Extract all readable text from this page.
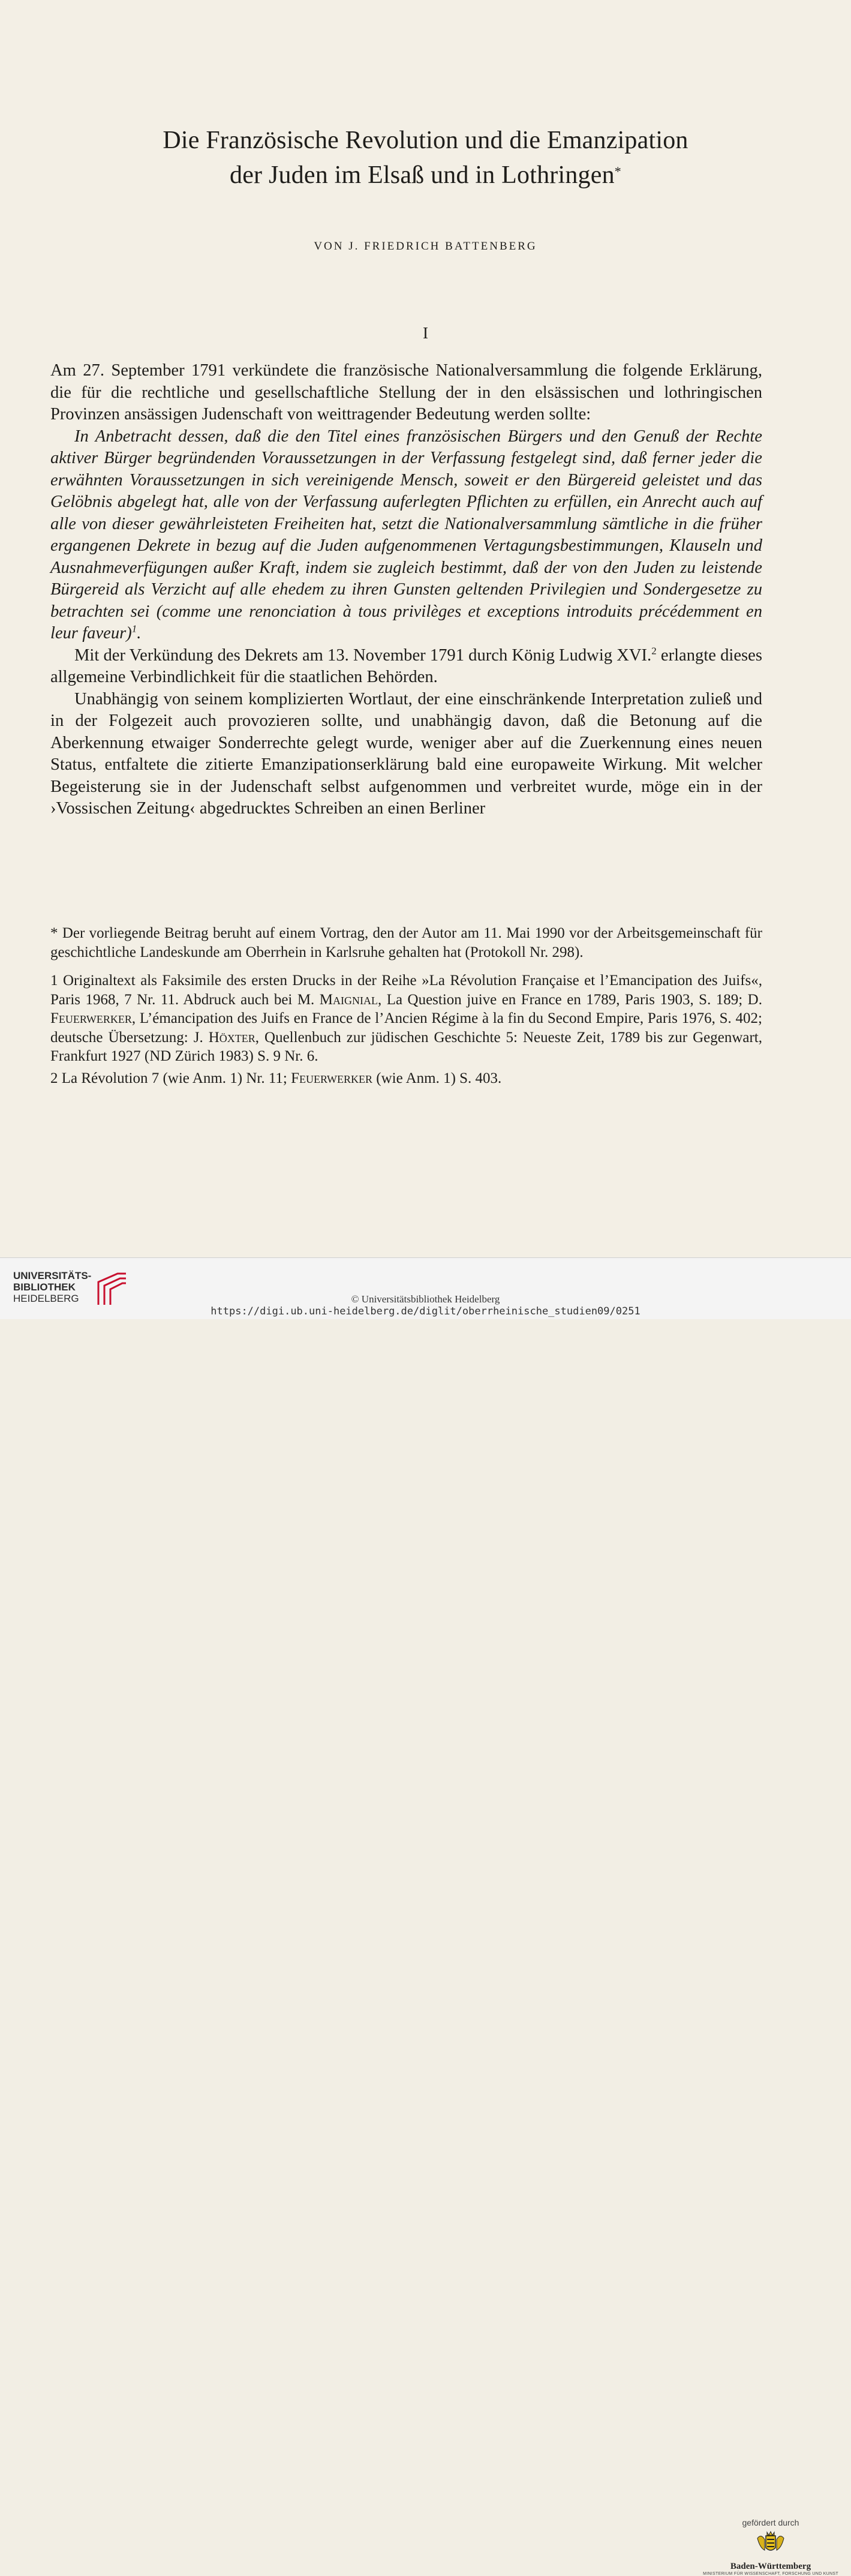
Die Französische Revolution und die Emanzipation
der Juden im Elsaß und in Lothringen*
VON J. FRIEDRICH BATTENBERG
I

Am 27. September 1791 verkündete die französische Nationalversammlung die folgende Erklärung, die für die rechtliche und gesellschaftliche Stellung der in den elsässischen und lothringischen Provinzen ansässigen Judenschaft von weittragender Bedeutung werden sollte:

In Anbetracht dessen, daß die den Titel eines französischen Bürgers und den Genuß der Rechte aktiver Bürger begründenden Voraussetzungen in der Verfassung festgelegt sind, daß ferner jeder die erwähnten Voraussetzungen in sich vereinigende Mensch, soweit er den Bürgereid geleistet und das Gelöbnis abgelegt hat, alle von der Verfassung auferlegten Pflichten zu erfüllen, ein Anrecht auch auf alle von dieser gewährleisteten Freiheiten hat, setzt die Nationalversammlung sämtliche in die früher ergangenen Dekrete in bezug auf die Juden aufgenommenen Vertagungsbestimmungen, Klauseln und Ausnahmeverfügungen außer Kraft, indem sie zugleich bestimmt, daß der von den Juden zu leistende Bürgereid als Verzicht auf alle ehedem zu ihren Gunsten geltenden Privilegien und Sondergesetze zu betrachten sei (comme une renonciation à tous privilèges et exceptions introduits précédemment en leur faveur)$^1$.

Mit der Verkündung des Dekrets am 13. November 1791 durch König Ludwig XVI.$^2$ erlangte dieses allgemeine Verbindlichkeit für die staatlichen Behörden.

Unabhängig von seinem komplizierten Wortlaut, der eine einschränkende Interpretation zuließ und in der Folgezeit auch provozieren sollte, und unabhängig davon, daß die Betonung auf die Aberkennung etwaiger Sonderrechte gelegt wurde, weniger aber auf die Zuerkennung eines neuen Status, entfaltete die zitierte Emanzipationserklärung bald eine europaweite Wirkung. Mit welcher Begeisterung sie in der Judenschaft selbst aufgenommen und verbreitet wurde, möge ein in der ›Vossischen Zeitung‹ abgedrucktes Schreiben an einen Berliner

* Der vorliegende Beitrag beruht auf einem Vortrag, den der Autor am 11. Mai 1990 vor der Arbeitsgemeinschaft für geschichtliche Landeskunde am Oberrhein in Karlsruhe gehalten hat (Protokoll Nr. 298).

1 Originaltext als Faksimile des ersten Drucks in der Reihe »La Révolution Française et l’Emancipation des Juifs«, Paris 1968, 7 Nr. 11. Abdruck auch bei M. Maignial, La Question juive en France en 1789, Paris 1903, S. 189; D. Feuerwerker, L’émancipation des Juifs en France de l’Ancien Régime à la fin du Second Empire, Paris 1976, S. 402; deutsche Übersetzung: J. Höxter, Quellenbuch zur jüdischen Geschichte 5: Neueste Zeit, 1789 bis zur Gegenwart, Frankfurt 1927 (ND Zürich 1983) S. 9 Nr. 6.

2 La Révolution 7 (wie Anm. 1) Nr. 11; Feuerwerker (wie Anm. 1) S. 403.

UNIVERSITÄTS-
BIBLIOTHEK
HEIDELBERG
gefördert durch
Baden-Württemberg
MINISTERIUM FÜR WISSENSCHAFT, FORSCHUNG UND KUNST
© Universitätsbibliothek Heidelberg
https://digi.ub.uni-heidelberg.de/diglit/oberrheinische_studien09/0251
